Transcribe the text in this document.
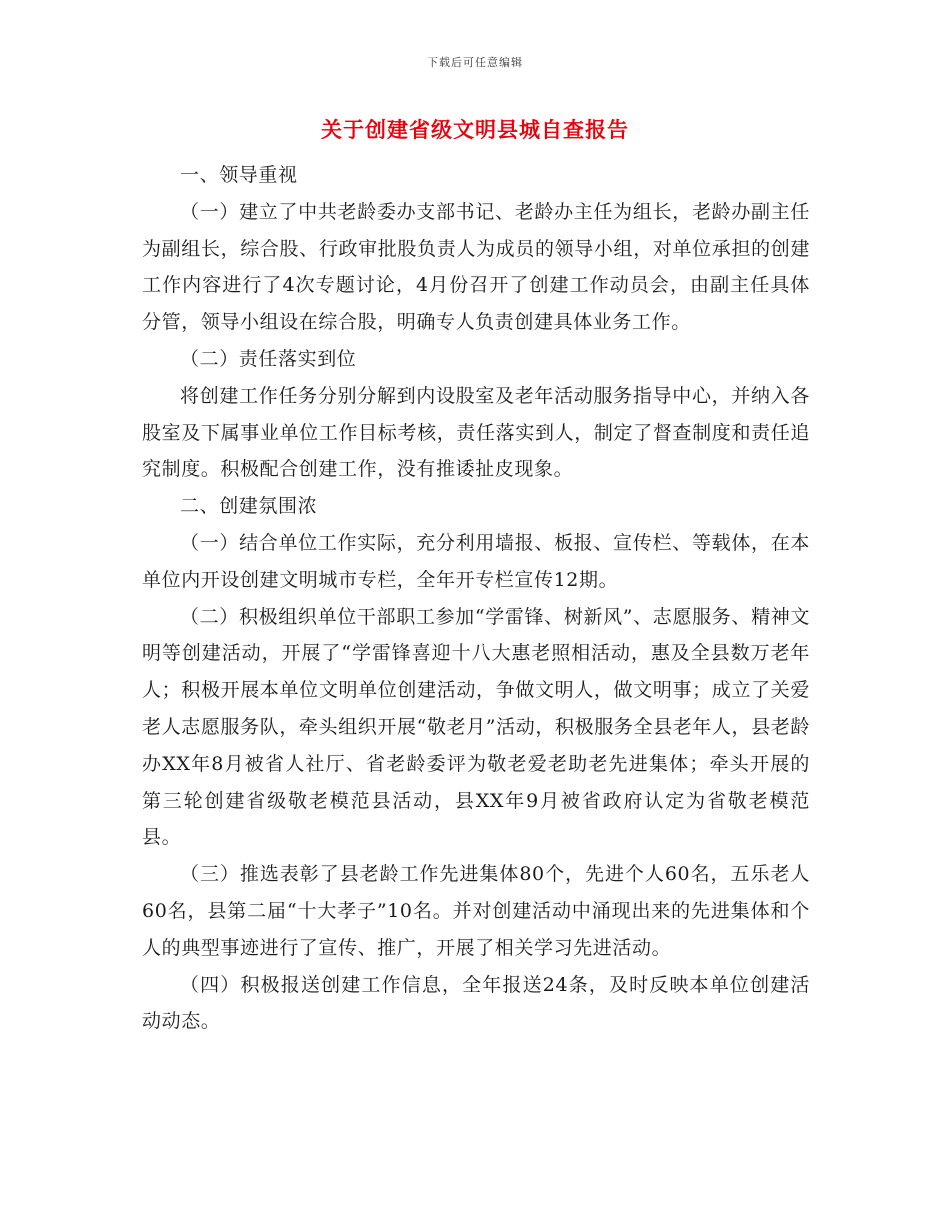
下载后可任意编辑
关于创建省级文明县城自查报告

一、领导重视

（一）建立了中共老龄委办支部书记、老龄办主任为组长，老龄办副主任为副组长，综合股、行政审批股负责人为成员的领导小组，对单位承担的创建工作内容进行了4次专题讨论，4月份召开了创建工作动员会，由副主任具体分管，领导小组设在综合股，明确专人负责创建具体业务工作。

（二）责任落实到位

将创建工作任务分别分解到内设股室及老年活动服务指导中心，并纳入各股室及下属事业单位工作目标考核，责任落实到人，制定了督查制度和责任追究制度。积极配合创建工作，没有推诿扯皮现象。

二、创建氛围浓

（一）结合单位工作实际，充分利用墙报、板报、宣传栏、等载体，在本单位内开设创建文明城市专栏，全年开专栏宣传12期。

（二）积极组织单位干部职工参加“学雷锋、树新风”、志愿服务、精神文明等创建活动，开展了“学雷锋喜迎十八大惠老照相活动，惠及全县数万老年人；积极开展本单位文明单位创建活动，争做文明人，做文明事；成立了关爱老人志愿服务队，牵头组织开展“敬老月”活动，积极服务全县老年人，县老龄办XX年8月被省人社厅、省老龄委评为敬老爱老助老先进集体；牵头开展的第三轮创建省级敬老模范县活动，县XX年9月被省政府认定为省敬老模范县。

（三）推选表彰了县老龄工作先进集体80个，先进个人60名，五乐老人60名，县第二届“十大孝子”10名。并对创建活动中涌现出来的先进集体和个人的典型事迹进行了宣传、推广，开展了相关学习先进活动。

（四）积极报送创建工作信息，全年报送24条，及时反映本单位创建活动动态。
